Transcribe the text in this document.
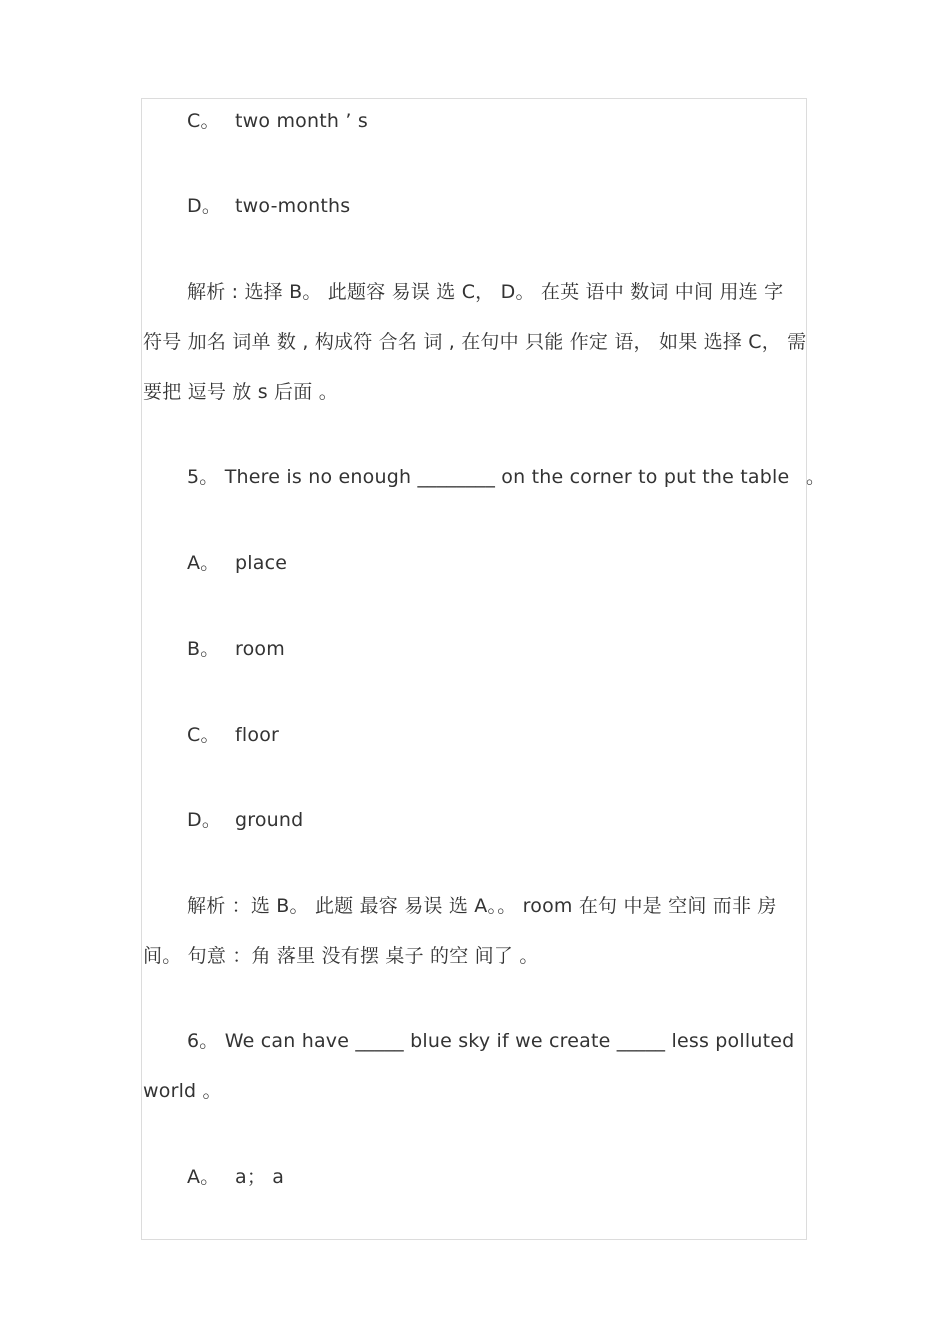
C。 two month ’ s
D。 two-months
解析 : 选择 B。 此题容 易误 选 C， D。 在英 语中 数词 中间 用连 字
符号 加名 词单 数 , 构成符 合名 词 , 在句中 只能 作定 语， 如果 选择 C， 需
要把 逗号 放 s 后面 。
5。 There is no enough ________ on the corner to put the table 。
A。 place
B。 room
C。 floor
D。 ground
解析 ：选 B。 此题 最容 易误 选 A。。 room 在句 中是 空间 而非 房
间。 句意 ：角 落里 没有摆 桌子 的空 间了 。
6。 We can have _____ blue sky if we create _____ less polluted
world 。
A。 a； a
